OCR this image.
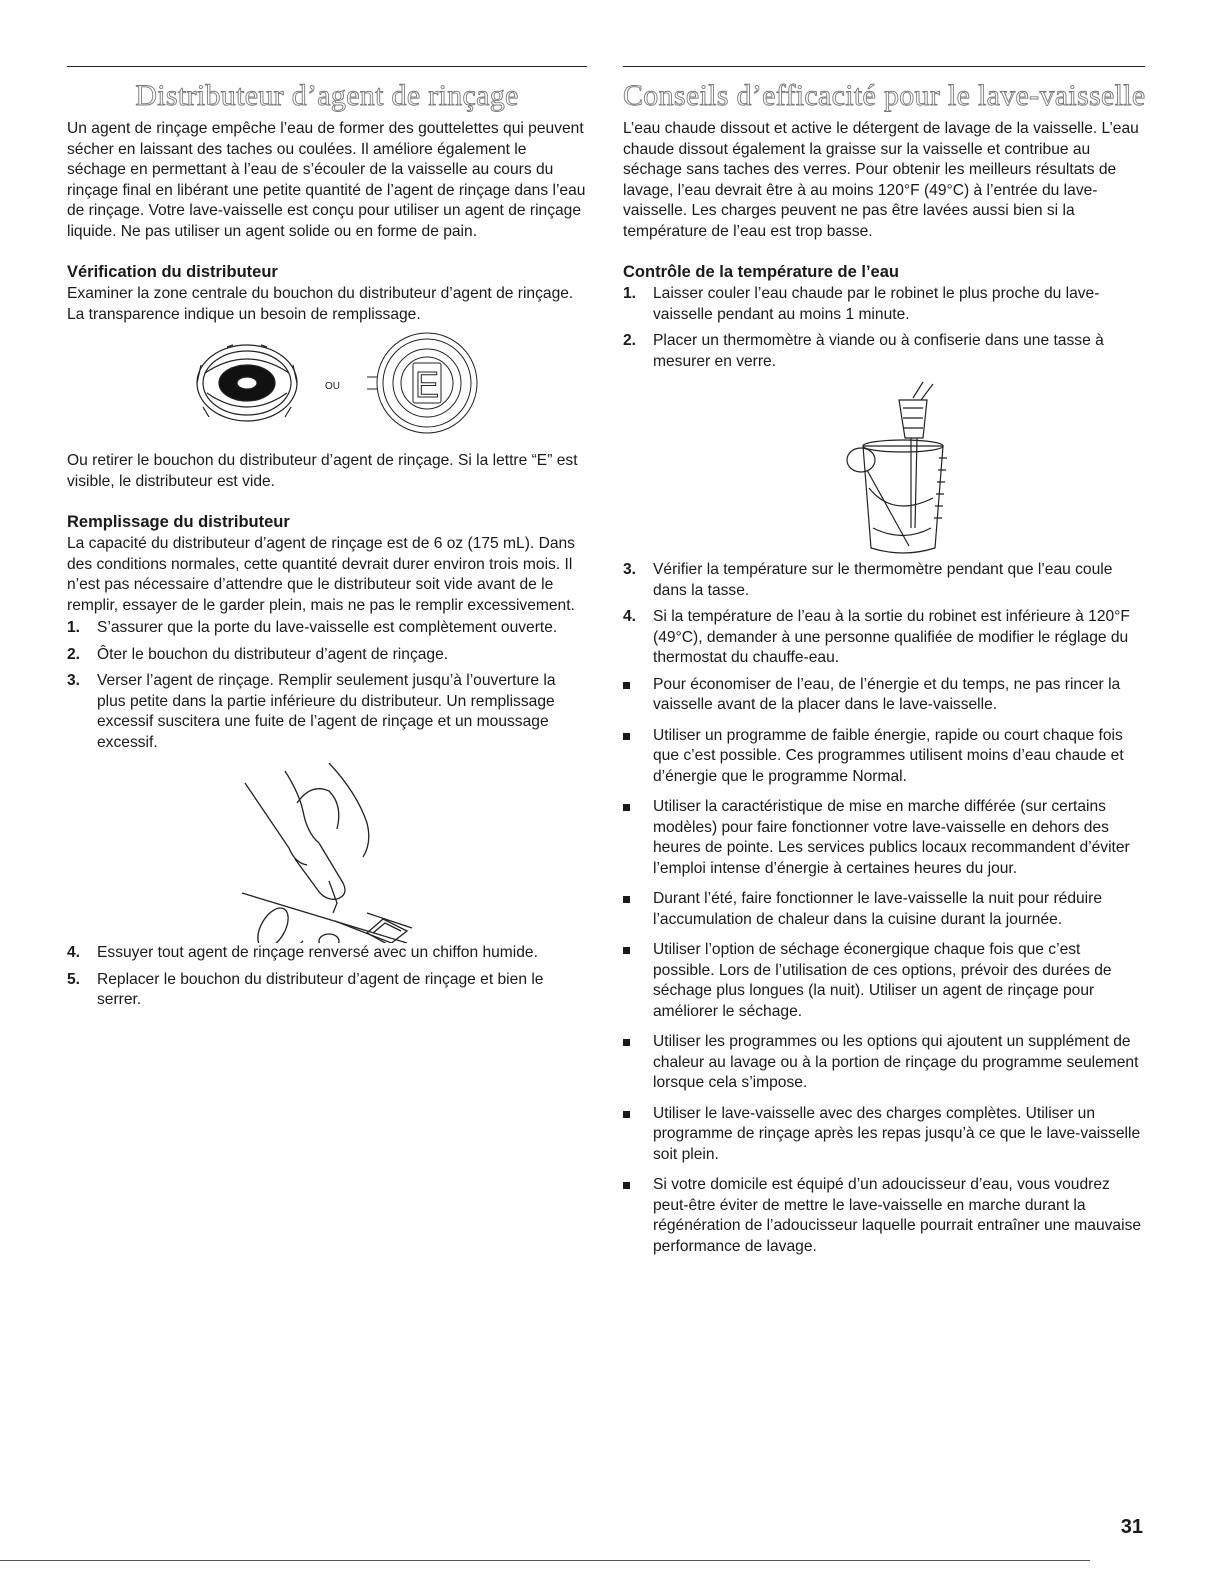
Distributeur d’agent de rinçage

Un agent de rinçage empêche l’eau de former des gouttelettes qui peuvent sécher en laissant des taches ou coulées. Il améliore également le séchage en permettant à l’eau de s’écouler de la vaisselle au cours du rinçage final en libérant une petite quantité de l’agent de rinçage dans l’eau de rinçage. Votre lave-vaisselle est conçu pour utiliser un agent de rinçage liquide. Ne pas utiliser un agent solide ou en forme de pain.

Vérification du distributeur

Examiner la zone centrale du bouchon du distributeur d’agent de rinçage. La transparence indique un besoin de remplissage.

OU E

Ou retirer le bouchon du distributeur d’agent de rinçage. Si la lettre “E” est visible, le distributeur est vide.

Remplissage du distributeur

La capacité du distributeur d’agent de rinçage est de 6 oz (175 mL). Dans des conditions normales, cette quantité devrait durer environ trois mois. Il n’est pas nécessaire d’attendre que le distributeur soit vide avant de le remplir, essayer de le garder plein, mais ne pas le remplir excessivement.

1. S’assurer que la porte du lave-vaisselle est complètement ouverte.
2. Ôter le bouchon du distributeur d’agent de rinçage.
3. Verser l’agent de rinçage. Remplir seulement jusqu’à l’ouverture la plus petite dans la partie inférieure du distributeur. Un remplissage excessif suscitera une fuite de l’agent de rinçage et un moussage excessif.
4. Essuyer tout agent de rinçage renversé avec un chiffon humide.
5. Replacer le bouchon du distributeur d’agent de rinçage et bien le serrer.
Conseils d’efficacité pour le lave-vaisselle

L’eau chaude dissout et active le détergent de lavage de la vaisselle. L’eau chaude dissout également la graisse sur la vaisselle et contribue au séchage sans taches des verres. Pour obtenir les meilleurs résultats de lavage, l’eau devrait être à au moins 120°F (49°C) à l’entrée du lave-vaisselle. Les charges peuvent ne pas être lavées aussi bien si la température de l’eau est trop basse.

Contrôle de la température de l’eau
1. Laisser couler l’eau chaude par le robinet le plus proche du lave-vaisselle pendant au moins 1 minute.
2. Placer un thermomètre à viande ou à confiserie dans une tasse à mesurer en verre.
3. Vérifier la température sur le thermomètre pendant que l’eau coule dans la tasse.
4. Si la température de l’eau à la sortie du robinet est inférieure à 120°F (49°C), demander à une personne qualifiée de modifier le réglage du thermostat du chauffe-eau.
Pour économiser de l’eau, de l’énergie et du temps, ne pas rincer la vaisselle avant de la placer dans le lave-vaisselle.
Utiliser un programme de faible énergie, rapide ou court chaque fois que c’est possible. Ces programmes utilisent moins d’eau chaude et d’énergie que le programme Normal.
Utiliser la caractéristique de mise en marche différée (sur certains modèles) pour faire fonctionner votre lave-vaisselle en dehors des heures de pointe. Les services publics locaux recommandent d’éviter l’emploi intense d’énergie à certaines heures du jour.
Durant l’été, faire fonctionner le lave-vaisselle la nuit pour réduire l’accumulation de chaleur dans la cuisine durant la journée.
Utiliser l’option de séchage éconergique chaque fois que c’est possible. Lors de l’utilisation de ces options, prévoir des durées de séchage plus longues (la nuit). Utiliser un agent de rinçage pour améliorer le séchage.
Utiliser les programmes ou les options qui ajoutent un supplément de chaleur au lavage ou à la portion de rinçage du programme seulement lorsque cela s’impose.
Utiliser le lave-vaisselle avec des charges complètes. Utiliser un programme de rinçage après les repas jusqu’à ce que le lave-vaisselle soit plein.
Si votre domicile est équipé d’un adoucisseur d’eau, vous voudrez peut-être éviter de mettre le lave-vaisselle en marche durant la régénération de l’adoucisseur laquelle pourrait entraîner une mauvaise performance de lavage.
31
